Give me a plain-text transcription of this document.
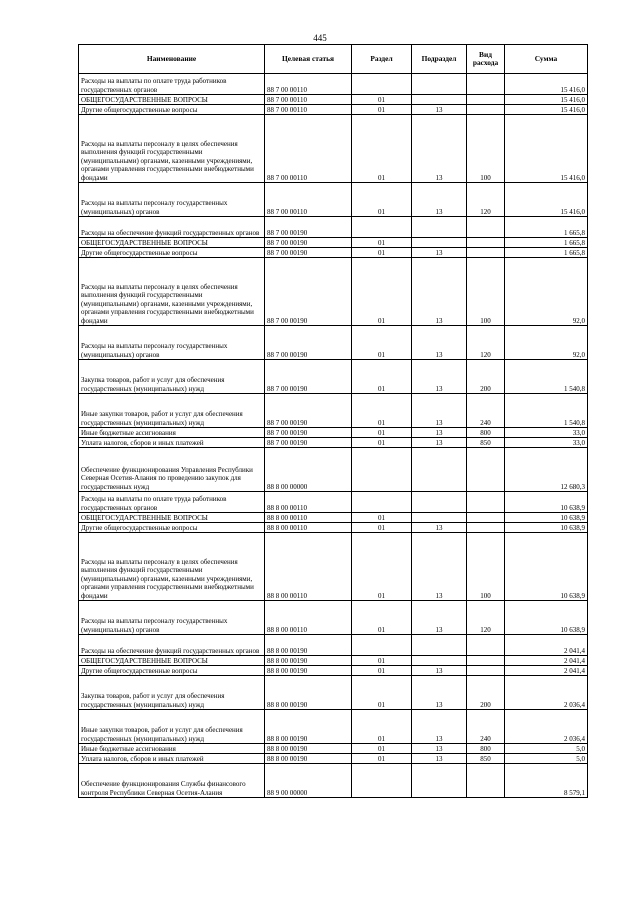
445
Наименование	Целевая статья	Раздел	Подраздел	Вид расхода	Сумма
Расходы на выплаты по оплате труда работников государственных органов	88 7 00 00110				15 416,0
ОБЩЕГОСУДАРСТВЕННЫЕ ВОПРОСЫ	88 7 00 00110	01			15 416,0
Другие общегосударственные вопросы	88 7 00 00110	01	13		15 416,0
Расходы на выплаты персоналу в целях обеспечения выполнения функций государственными (муниципальными) органами, казенными учреждениями, органами управления государственными внебюджетными фондами	88 7 00 00110	01	13	100	15 416,0
Расходы на выплаты персоналу государственных (муниципальных) органов	88 7 00 00110	01	13	120	15 416,0
Расходы на обеспечение функций государственных органов	88 7 00 00190				1 665,8
ОБЩЕГОСУДАРСТВЕННЫЕ ВОПРОСЫ	88 7 00 00190	01			1 665,8
Другие общегосударственные вопросы	88 7 00 00190	01	13		1 665,8
Расходы на выплаты персоналу в целях обеспечения выполнения функций государственными (муниципальными) органами, казенными учреждениями, органами управления государственными внебюджетными фондами	88 7 00 00190	01	13	100	92,0
Расходы на выплаты персоналу государственных (муниципальных) органов	88 7 00 00190	01	13	120	92,0
Закупка товаров, работ и услуг для обеспечения государственных (муниципальных) нужд	88 7 00 00190	01	13	200	1 540,8
Иные закупки товаров, работ и услуг для обеспечения государственных (муниципальных) нужд	88 7 00 00190	01	13	240	1 540,8
Иные бюджетные ассигнования	88 7 00 00190	01	13	800	33,0
Уплата налогов, сборов и иных платежей	88 7 00 00190	01	13	850	33,0
Обеспечение функционирования Управления Республики Северная Осетия-Алания по проведению закупок для государственных нужд	88 8 00 00000				12 680,3
Расходы на выплаты по оплате труда работников государственных органов	88 8 00 00110				10 638,9
ОБЩЕГОСУДАРСТВЕННЫЕ ВОПРОСЫ	88 8 00 00110	01			10 638,9
Другие общегосударственные вопросы	88 8 00 00110	01	13		10 638,9
Расходы на выплаты персоналу в целях обеспечения выполнения функций государственными (муниципальными) органами, казенными учреждениями, органами управления государственными внебюджетными фондами	88 8 00 00110	01	13	100	10 638,9
Расходы на выплаты персоналу государственных (муниципальных) органов	88 8 00 00110	01	13	120	10 638,9
Расходы на обеспечение функций государственных органов	88 8 00 00190				2 041,4
ОБЩЕГОСУДАРСТВЕННЫЕ ВОПРОСЫ	88 8 00 00190	01			2 041,4
Другие общегосударственные вопросы	88 8 00 00190	01	13		2 041,4
Закупка товаров, работ и услуг для обеспечения государственных (муниципальных) нужд	88 8 00 00190	01	13	200	2 036,4
Иные закупки товаров, работ и услуг для обеспечения государственных (муниципальных) нужд	88 8 00 00190	01	13	240	2 036,4
Иные бюджетные ассигнования	88 8 00 00190	01	13	800	5,0
Уплата налогов, сборов и иных платежей	88 8 00 00190	01	13	850	5,0
Обеспечение функционирования Службы финансового контроля Республики Северная Осетия-Алания	88 9 00 00000				8 579,1
